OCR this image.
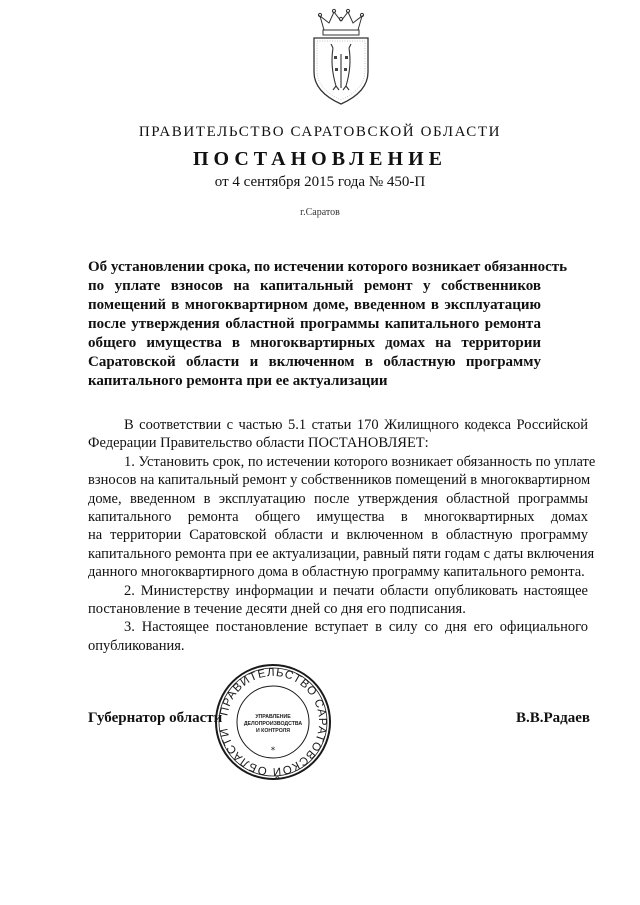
ПРАВИТЕЛЬСТВО САРАТОВСКОЙ ОБЛАСТИ
ПОСТАНОВЛЕНИЕ
от 4 сентября 2015 года № 450-П
г.Саратов
Об установлении срока, по истечении которого возникает обязанность
по уплате взносов на капитальный ремонт у собственников
помещений в многоквартирном доме, введенном в эксплуатацию
после утверждения областной программы капитального ремонта
общего имущества в многоквартирных домах на территории
Саратовской области и включенном в областную программу
капитального ремонта при ее актуализации
В соответствии с частью 5.1 статьи 170 Жилищного кодекса Российской
Федерации Правительство области ПОСТАНОВЛЯЕТ:
1. Установить срок, по истечении которого возникает обязанность по уплате
взносов на капитальный ремонт у собственников помещений в многоквартирном
доме, введенном в эксплуатацию после утверждения областной программы
капитального ремонта общего имущества в многоквартирных домах
на территории Саратовской области и включенном в областную программу
капитального ремонта при ее актуализации, равный пяти годам с даты включения
данного многоквартирного дома в областную программу капитального ремонта.
2. Министерству информации и печати области опубликовать настоящее
постановление в течение десяти дней со дня его подписания.
3. Настоящее постановление вступает в силу со дня его официального
опубликования.
Губернатор области	В.В.Радаев
ПРАВИТЕЛЬСТВО САРАТОВСКОЙ ОБЛАСТИ
*
УПРАВЛЕНИЕ
ДЕЛОПРОИЗВОДСТВА
И КОНТРОЛЯ
